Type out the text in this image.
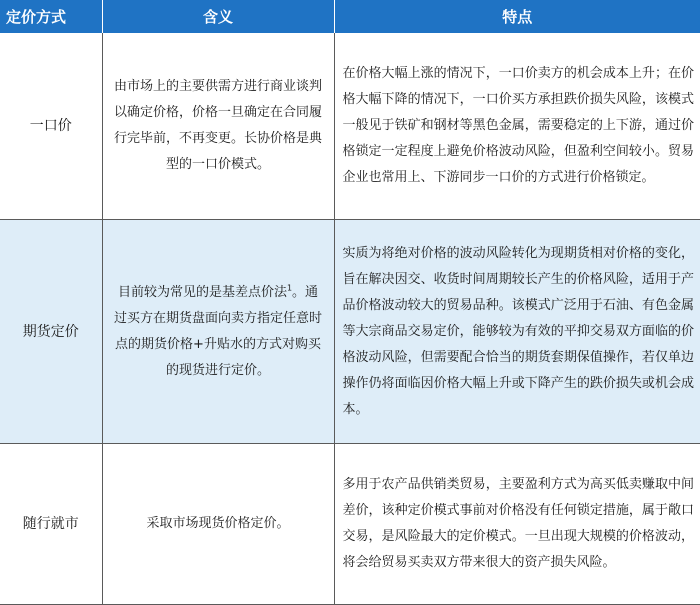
定价方式	含义	特点
一口价	由市场上的主要供需方进行商业谈判以确定价格，价格一旦确定在合同履行完毕前，不再变更。长协价格是典型的一口价模式。	在价格大幅上涨的情况下，一口价卖方的机会成本上升；在价格大幅下降的情况下，一口价买方承担跌价损失风险，该模式一般见于铁矿和钢材等黑色金属，需要稳定的上下游，通过价格锁定一定程度上避免价格波动风险，但盈利空间较小。贸易企业也常用上、下游同步一口价的方式进行价格锁定。
期货定价	目前较为常见的是基差点价法$^1$。通过买方在期货盘面向卖方指定任意时点的期货价格+升贴水的方式对购买的现货进行定价。	实质为将绝对价格的波动风险转化为现期货相对价格的变化，旨在解决因交、收货时间周期较长产生的价格风险，适用于产品价格波动较大的贸易品种。该模式广泛用于石油、有色金属等大宗商品交易定价，能够较为有效的平抑交易双方面临的价格波动风险，但需要配合恰当的期货套期保值操作，若仅单边操作仍将面临因价格大幅上升或下降产生的跌价损失或机会成本。
随行就市	采取市场现货价格定价。	多用于农产品供销类贸易，主要盈利方式为高买低卖赚取中间差价，该种定价模式事前对价格没有任何锁定措施，属于敞口交易，是风险最大的定价模式。一旦出现大规模的价格波动，将会给贸易买卖双方带来很大的资产损失风险。
